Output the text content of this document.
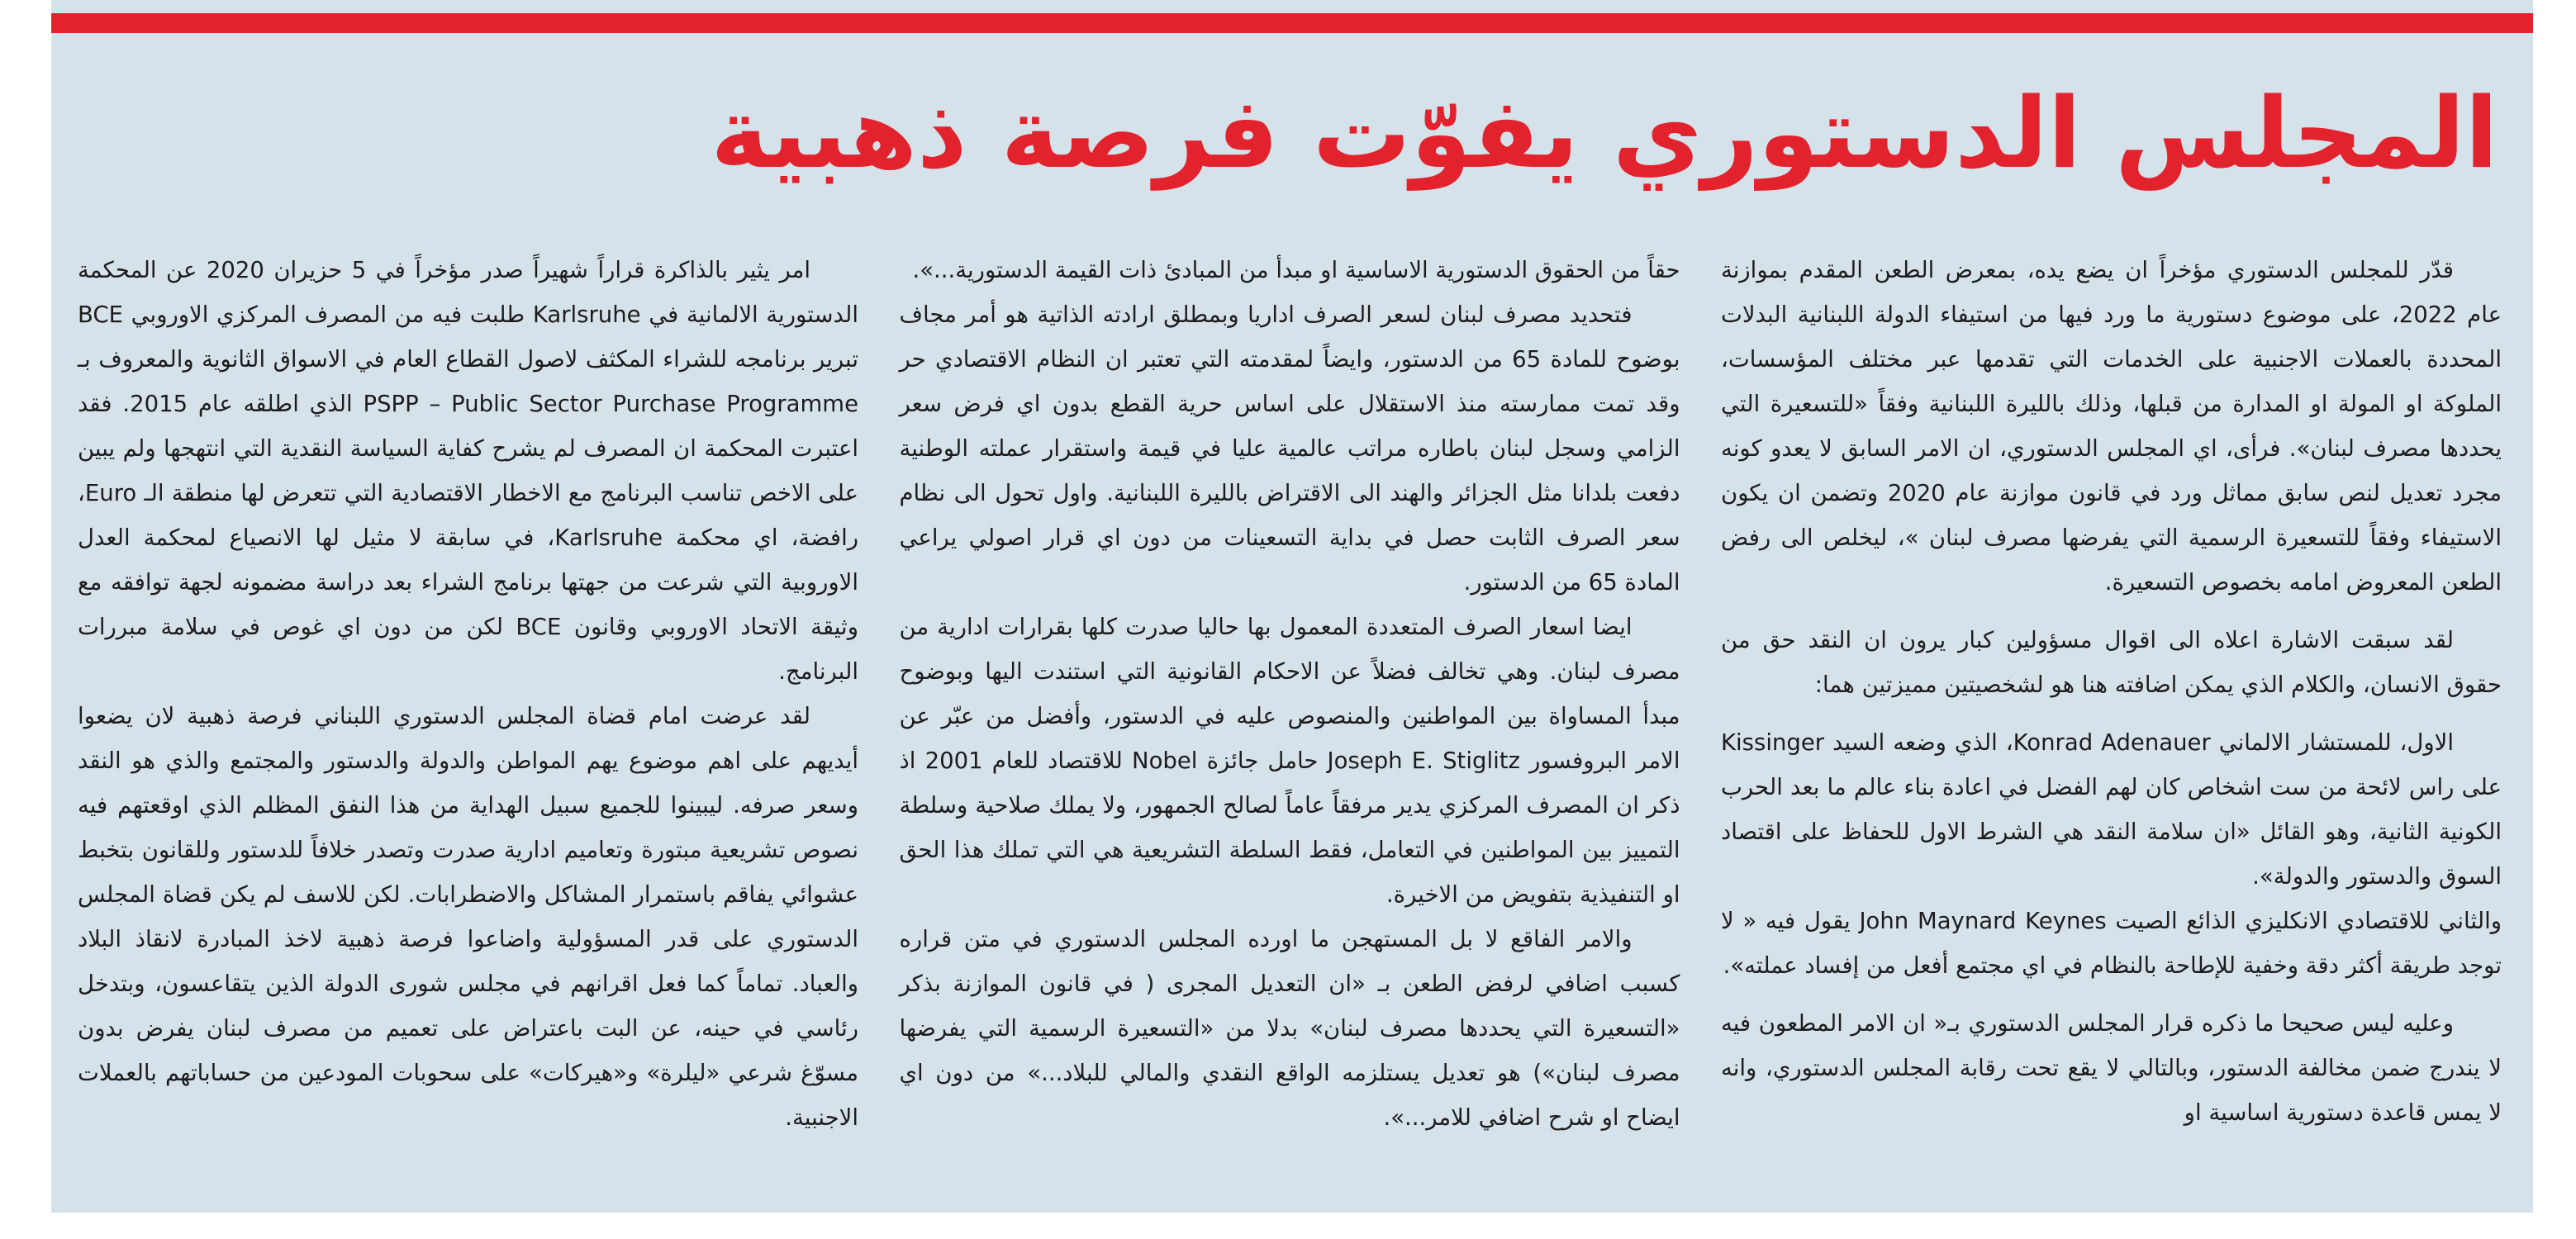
المجلس الدستوري يفوّت فرصة ذهبية

قدّر للمجلس الدستوري مؤخراً ان يضع يده، بمعرض الطعن المقدم بموازنة عام 2022، على موضوع دستورية ما ورد فيها من استيفاء الدولة اللبنانية البدلات المحددة بالعملات الاجنبية على الخدمات التي تقدمها عبر مختلف المؤسسات، الملوكة او المولة او المدارة من قبلها، وذلك بالليرة اللبنانية وفقاً «للتسعيرة التي يحددها مصرف لبنان». فرأى، اي المجلس الدستوري، ان الامر السابق لا يعدو كونه مجرد تعديل لنص سابق مماثل ورد في قانون موازنة عام 2020 وتضمن ان يكون الاستيفاء وفقاً للتسعيرة الرسمية التي يفرضها مصرف لبنان »، ليخلص الى رفض الطعن المعروض امامه بخصوص التسعيرة.

لقد سبقت الاشارة اعلاه الى اقوال مسؤولين كبار يرون ان النقد حق من حقوق الانسان، والكلام الذي يمكن اضافته هنا هو لشخصيتين مميزتين هما:

الاول، للمستشار الالماني Konrad Adenauer، الذي وضعه السيد Kissinger على راس لائحة من ست اشخاص كان لهم الفضل في اعادة بناء عالم ما بعد الحرب الكونية الثانية، وهو القائل «ان سلامة النقد هي الشرط الاول للحفاظ على اقتصاد السوق والدستور والدولة».

والثاني للاقتصادي الانكليزي الذائع الصيت John Maynard Keynes يقول فيه « لا توجد طريقة أكثر دقة وخفية للإطاحة بالنظام في اي مجتمع أفعل من إفساد عملته».

وعليه ليس صحيحا ما ذكره قرار المجلس الدستوري بـ« ان الامر المطعون فيه لا يندرج ضمن مخالفة الدستور، وبالتالي لا يقع تحت رقابة المجلس الدستوري، وانه لا يمس قاعدة دستورية اساسية او

حقاً من الحقوق الدستورية الاساسية او مبدأ من المبادئ ذات القيمة الدستورية...».

فتحديد مصرف لبنان لسعر الصرف اداريا وبمطلق ارادته الذاتية هو أمر مجاف بوضوح للمادة 65 من الدستور، وايضاً لمقدمته التي تعتبر ان النظام الاقتصادي حر وقد تمت ممارسته منذ الاستقلال على اساس حرية القطع بدون اي فرض سعر الزامي وسجل لبنان باطاره مراتب عالمية عليا في قيمة واستقرار عملته الوطنية دفعت بلدانا مثل الجزائر والهند الى الاقتراض بالليرة اللبنانية. واول تحول الى نظام سعر الصرف الثابت حصل في بداية التسعينات من دون اي قرار اصولي يراعي المادة 65 من الدستور.

ايضا اسعار الصرف المتعددة المعمول بها حاليا صدرت كلها بقرارات ادارية من مصرف لبنان. وهي تخالف فضلاً عن الاحكام القانونية التي استندت اليها وبوضوح مبدأ المساواة بين المواطنين والمنصوص عليه في الدستور، وأفضل من عبّر عن الامر البروفسور Joseph E. Stiglitz حامل جائزة Nobel للاقتصاد للعام 2001 اذ ذكر ان المصرف المركزي يدير مرفقاً عاماً لصالح الجمهور، ولا يملك صلاحية وسلطة التمييز بين المواطنين في التعامل، فقط السلطة التشريعية هي التي تملك هذا الحق او التنفيذية بتفويض من الاخيرة.

والامر الفاقع لا بل المستهجن ما اورده المجلس الدستوري في متن قراره كسبب اضافي لرفض الطعن بـ «ان التعديل المجرى ( في قانون الموازنة بذكر «التسعيرة التي يحددها مصرف لبنان» بدلا من «التسعيرة الرسمية التي يفرضها مصرف لبنان») هو تعديل يستلزمه الواقع النقدي والمالي للبلاد...» من دون اي ايضاح او شرح اضافي للامر...».

امر يثير بالذاكرة قراراً شهيراً صدر مؤخراً في 5 حزيران 2020 عن المحكمة الدستورية الالمانية في Karlsruhe طلبت فيه من المصرف المركزي الاوروبي BCE تبرير برنامجه للشراء المكثف لاصول القطاع العام في الاسواق الثانوية والمعروف بـ PSPP – Public Sector Purchase Programme الذي اطلقه عام 2015. فقد اعتبرت المحكمة ان المصرف لم يشرح كفاية السياسة النقدية التي انتهجها ولم يبين على الاخص تناسب البرنامج مع الاخطار الاقتصادية التي تتعرض لها منطقة الـ Euro، رافضة، اي محكمة Karlsruhe، في سابقة لا مثيل لها الانصياع لمحكمة العدل الاوروبية التي شرعت من جهتها برنامج الشراء بعد دراسة مضمونه لجهة توافقه مع وثيقة الاتحاد الاوروبي وقانون BCE لكن من دون اي غوص في سلامة مبررات البرنامج.

لقد عرضت امام قضاة المجلس الدستوري اللبناني فرصة ذهبية لان يضعوا أيديهم على اهم موضوع يهم المواطن والدولة والدستور والمجتمع والذي هو النقد وسعر صرفه. ليبينوا للجميع سبيل الهداية من هذا النفق المظلم الذي اوقعتهم فيه نصوص تشريعية مبتورة وتعاميم ادارية صدرت وتصدر خلافاً للدستور وللقانون بتخبط عشوائي يفاقم باستمرار المشاكل والاضطرابات. لكن للاسف لم يكن قضاة المجلس الدستوري على قدر المسؤولية واضاعوا فرصة ذهبية لاخذ المبادرة لانقاذ البلاد والعباد. تماماً كما فعل اقرانهم في مجلس شورى الدولة الذين يتقاعسون، وبتدخل رئاسي في حينه، عن البت باعتراض على تعميم من مصرف لبنان يفرض بدون مسوّغ شرعي «ليلرة» و«هيركات» على سحوبات المودعين من حساباتهم بالعملات الاجنبية.
